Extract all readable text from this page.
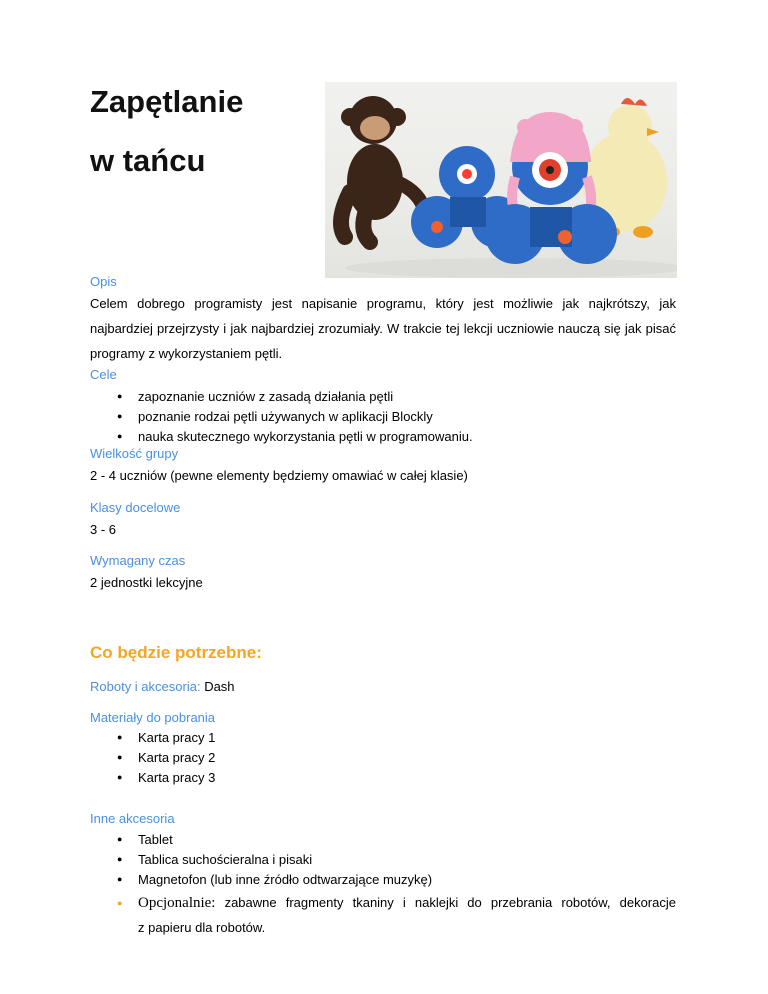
Zapętlanie
w tańcu

Opis

Celem dobrego programisty jest napisanie programu, który jest możliwie jak najkrótszy, jak najbardziej przejrzysty i jak najbardziej zrozumiały. W trakcie tej lekcji uczniowie nauczą się jak pisać programy z wykorzystaniem pętli.

Cele

● zapoznanie uczniów z zasadą działania pętli
● poznanie rodzai pętli używanych w aplikacji Blockly
● nauka skutecznego wykorzystania pętli w programowaniu.

Wielkość grupy

2 - 4 uczniów (pewne elementy będziemy omawiać w całej klasie)

Klasy docelowe

3 - 6

Wymagany czas

2 jednostki lekcyjne

Co będzie potrzebne:

Roboty i akcesoria: Dash

Materiały do pobrania

● Karta pracy 1
● Karta pracy 2
● Karta pracy 3

Inne akcesoria

● Tablet
● Tablica suchościeralna i pisaki
● Magnetofon (lub inne źródło odtwarzające muzykę)
● Opcjonalnie: zabawne fragmenty tkaniny i naklejki do przebrania robotów, dekoracje
z papieru dla robotów.
